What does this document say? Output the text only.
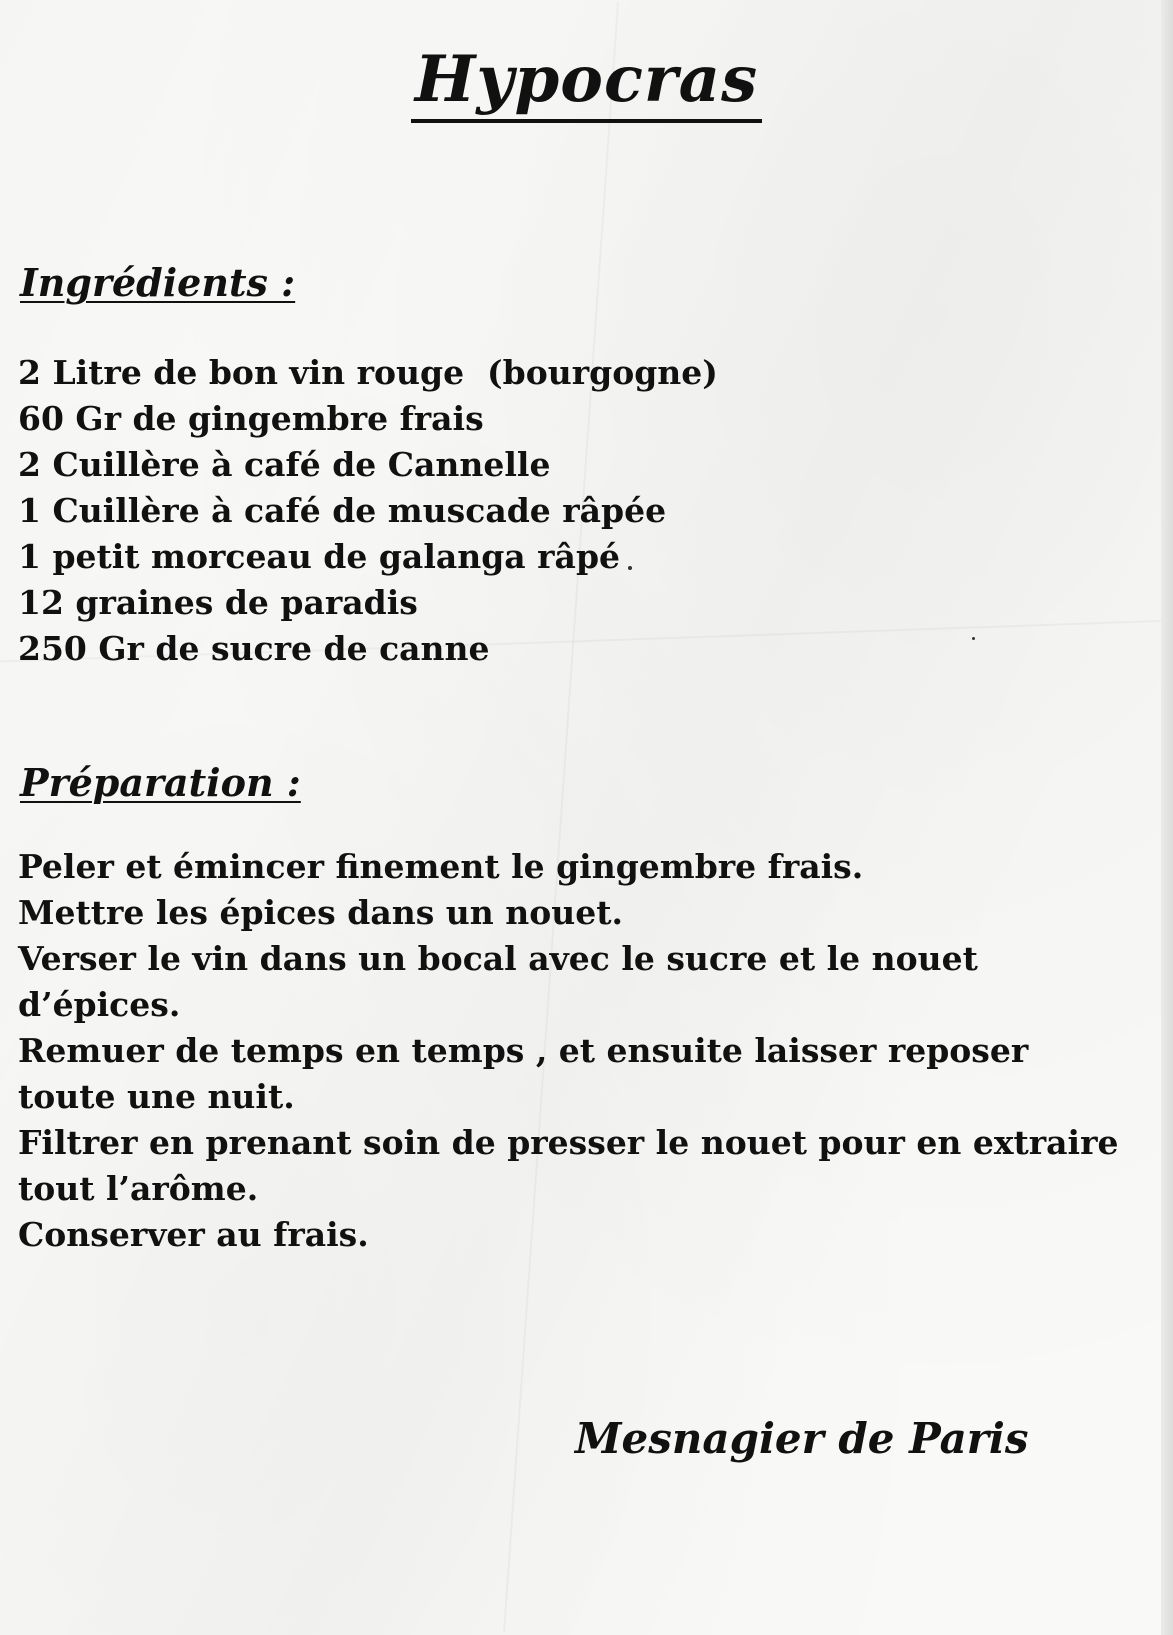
Hypocras
Ingrédients :
2 Litre de bon vin rouge  (bourgogne)
60 Gr de gingembre frais
2 Cuillère à café de Cannelle
1 Cuillère à café de muscade râpée
1 petit morceau de galanga râpé
12 graines de paradis
250 Gr de sucre de canne
Préparation :
Peler et émincer finement le gingembre frais.
Mettre les épices dans un nouet.
Verser le vin dans un bocal avec le sucre et le nouet d’épices.
Remuer de temps en temps , et ensuite laisser reposer toute une nuit.
Filtrer en prenant soin de presser le nouet pour en extraire tout l’arôme.
Conserver au frais.
Mesnagier de Paris
